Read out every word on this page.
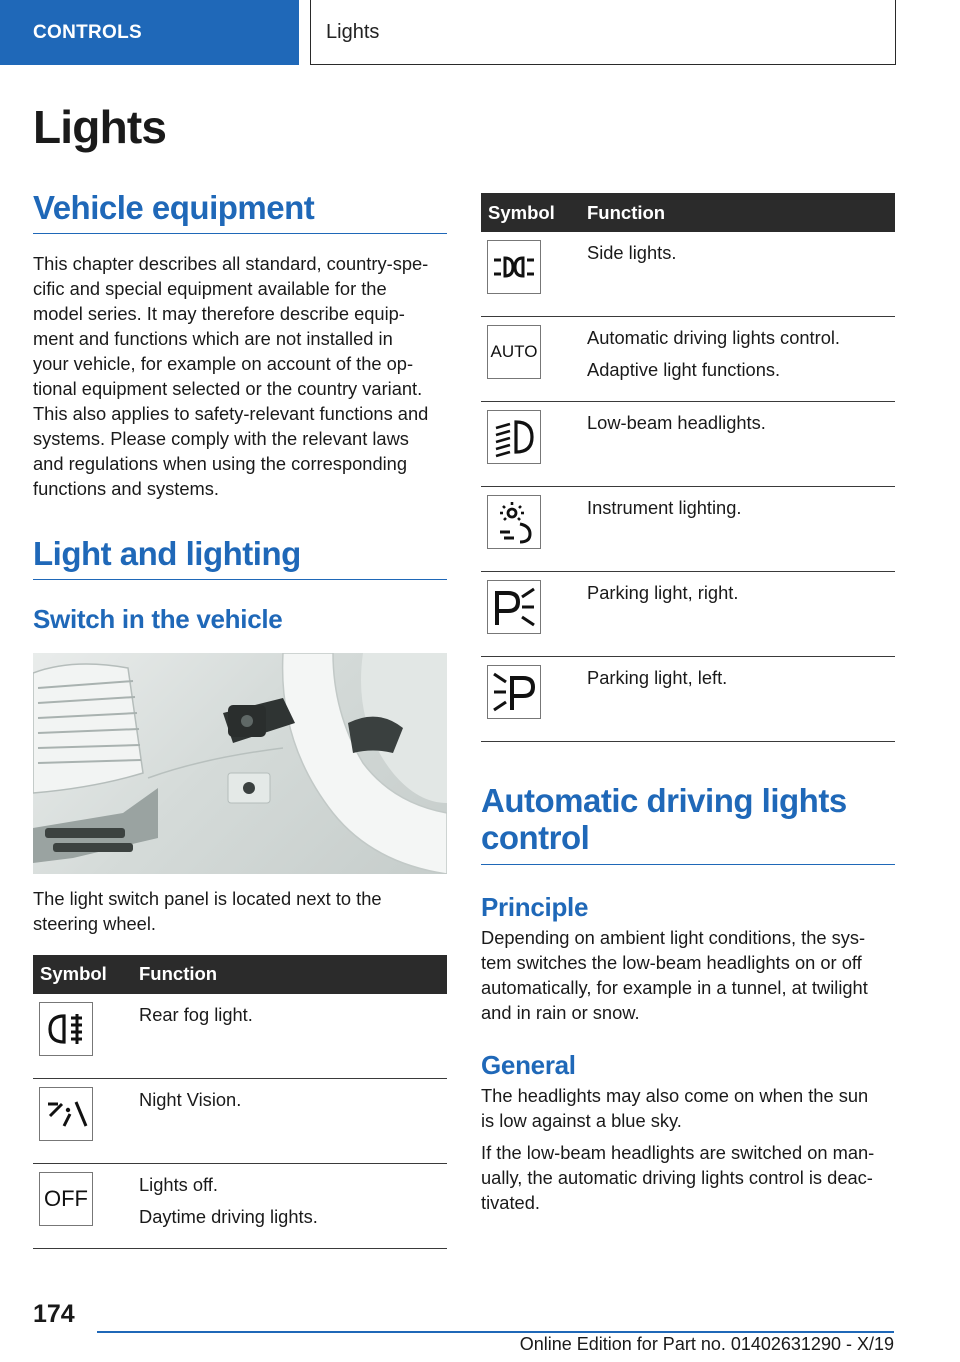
CONTROLS	Lights
Lights
Vehicle equipment

This chapter describes all standard, country-spe‐
cific and special equipment available for the
model series. It may therefore describe equip‐
ment and functions which are not installed in
your vehicle, for example on account of the op‐
tional equipment selected or the country variant.
This also applies to safety-relevant functions and
systems. Please comply with the relevant laws
and regulations when using the corresponding
functions and systems.

Light and lighting
Switch in the vehicle

The light switch panel is located next to the
steering wheel.

Symbol	Function

Rear fog light.

Night Vision.

OFF	Lights off.
Daytime driving lights.
Symbol	Function

Side lights.

AUTO	Automatic driving lights control.
Adaptive light functions.

Low-beam headlights.

Instrument lighting.

Parking light, right.

Parking light, left.
Automatic driving lights
control
Principle

Depending on ambient light conditions, the sys‐
tem switches the low-beam headlights on or off
automatically, for example in a tunnel, at twilight
and in rain or snow.

General

The headlights may also come on when the sun
is low against a blue sky.

If the low-beam headlights are switched on man‐
ually, the automatic driving lights control is deac‐
tivated.

174
Online Edition for Part no. 01402631290 - X/19
